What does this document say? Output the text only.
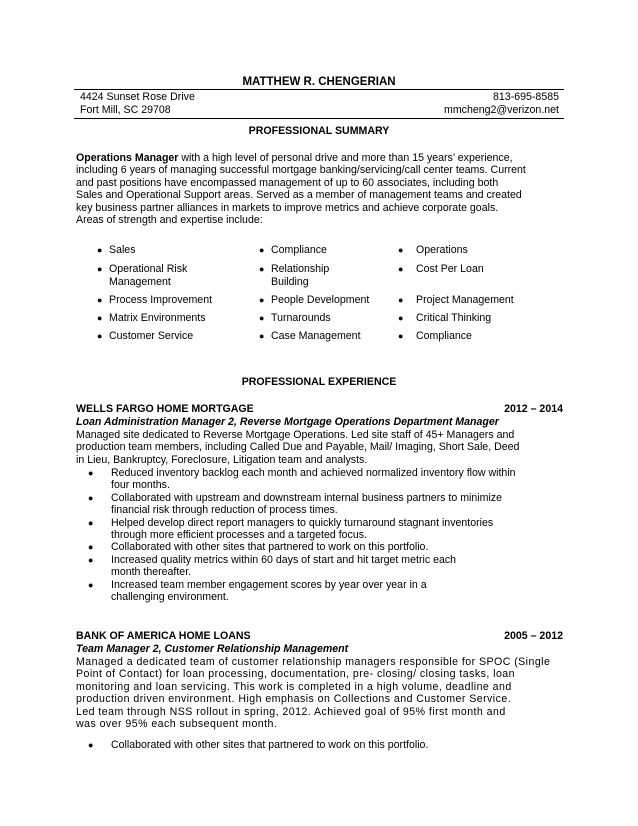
MATTHEW R. CHENGERIAN
4424 Sunset Rose Drive
Fort Mill, SC 29708
813-695-8585
mmcheng2@verizon.net
PROFESSIONAL SUMMARY
Operations Manager with a high level of personal drive and more than 15 years’ experience,
including 6 years of managing successful mortgage banking/servicing/call center teams. Current
and past positions have encompassed management of up to 60 associates, including both
Sales and Operational Support areas. Served as a member of management teams and created
key business partner alliances in markets to improve metrics and achieve corporate goals.
Areas of strength and expertise include:
● Sales
● Operational Risk
Management
● Process Improvement
● Matrix Environments
● Customer Service
● Compliance
● Relationship
Building
● People Development
● Turnarounds
● Case Management
● Operations
● Cost Per Loan
● Project Management
● Critical Thinking
● Compliance
PROFESSIONAL EXPERIENCE
WELLS FARGO HOME MORTGAGE	2012 – 2014
Loan Administration Manager 2, Reverse Mortgage Operations Department Manager
Managed site dedicated to Reverse Mortgage Operations. Led site staff of 45+ Managers and
production team members, including Called Due and Payable, Mail/ Imaging, Short Sale, Deed
in Lieu, Bankruptcy, Foreclosure, Litigation team and analysts.
● Reduced inventory backlog each month and achieved normalized inventory flow within
four months.
● Collaborated with upstream and downstream internal business partners to minimize
financial risk through reduction of process times.
● Helped develop direct report managers to quickly turnaround stagnant inventories
through more efficient processes and a targeted focus.
● Collaborated with other sites that partnered to work on this portfolio.
● Increased quality metrics within 60 days of start and hit target metric each
month thereafter.
● Increased team member engagement scores by year over year in a
challenging environment.
BANK OF AMERICA HOME LOANS	2005 – 2012
Team Manager 2, Customer Relationship Management
Managed a dedicated team of customer relationship managers responsible for SPOC (Single
Point of Contact) for loan processing, documentation, pre- closing/ closing tasks, loan
monitoring and loan servicing. This work is completed in a high volume, deadline and
production driven environment. High emphasis on Collections and Customer Service.
Led team through NSS rollout in spring, 2012. Achieved goal of 95% first month and
was over 95% each subsequent month.
● Collaborated with other sites that partnered to work on this portfolio.
